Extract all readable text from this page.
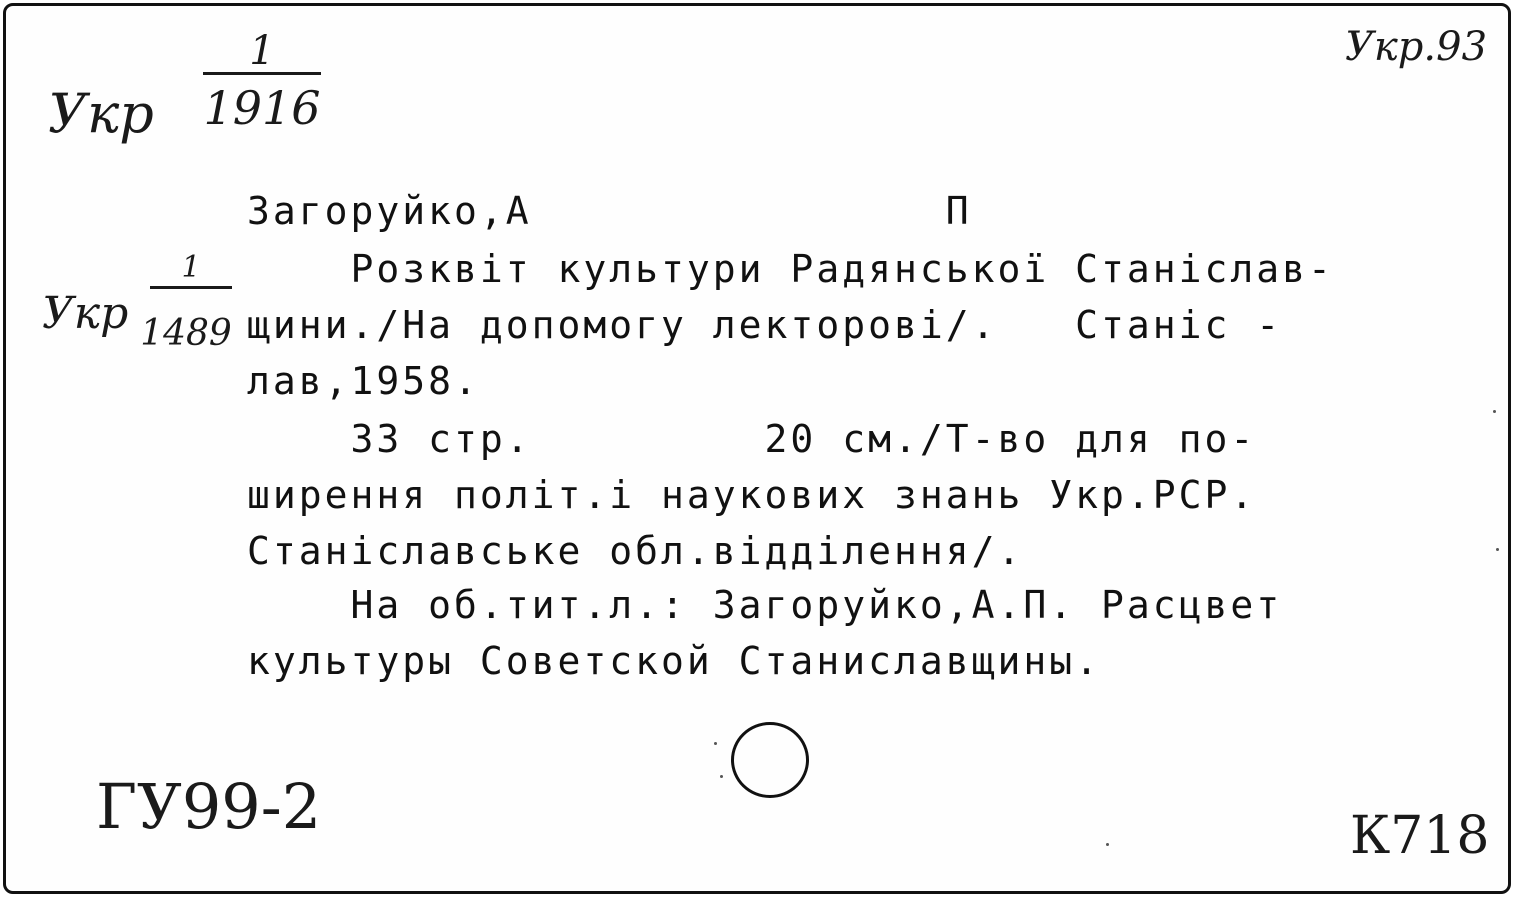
Укр
1
1916
Укр.93
Укр
1
1489
Загоруйко,А                П
Розквіт культури Радянської Станіслав-
щини./На допомогу лекторові/.   Станіс -
лав,1958.
33 стр.         20 см./Т-во для по-
ширення політ.і наукових знань Укр.РСР.
Станіславське обл.відділення/.
На об.тит.л.: Загоруйко,А.П. Расцвет
культуры Советской Станиславщины.
ГУ99-2	К718
